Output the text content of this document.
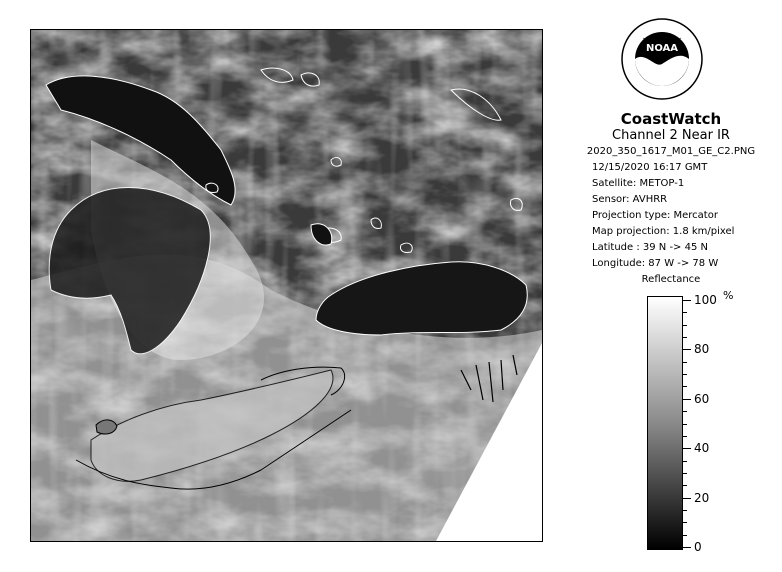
NOAA
CoastWatch
Channel 2 Near IR
2020_350_1617_M01_GE_C2.PNG
12/15/2020 16:17 GMT
Satellite: METOP-1
Sensor: AVHRR
Projection type: Mercator
Map projection: 1.8 km/pixel
Latitude : 39 N -> 45 N
Longitude: 87 W -> 78 W
Reflectance
%
100
80
60
40
20
0
